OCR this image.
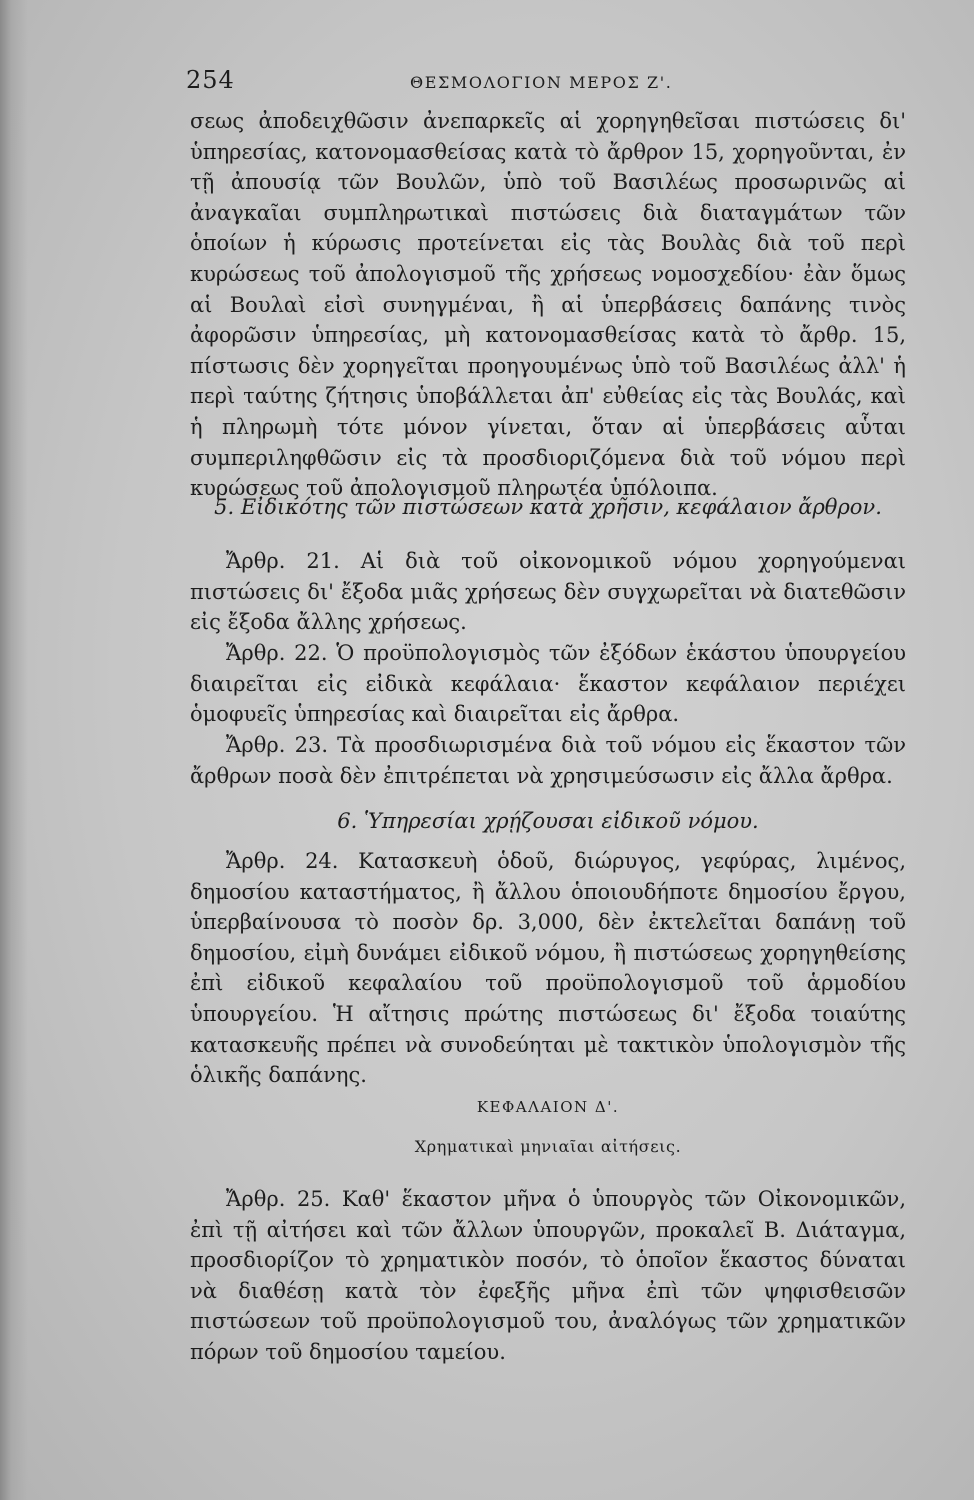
254	ΘΕΣΜΟΛΟΓΙΟΝ ΜΕΡΟΣ Ζ'.

σεως ἀποδειχθῶσιν ἀνεπαρκεῖς αἱ χορηγηθεῖσαι πιστώσεις δι' ὑπηρεσίας, κατονομασθείσας κατὰ τὸ ἄρθρον 15, χορηγοῦνται, ἐν τῇ ἀπουσίᾳ τῶν Βουλῶν, ὑπὸ τοῦ Βασιλέως προσωρινῶς αἱ ἀναγκαῖαι συμπληρωτικαὶ πιστώσεις διὰ διαταγμάτων τῶν ὁποίων ἡ κύρωσις προτείνεται εἰς τὰς Βουλὰς διὰ τοῦ περὶ κυρώσεως τοῦ ἀπολογισμοῦ τῆς χρήσεως νομοσχεδίου· ἐὰν ὅμως αἱ Βουλαὶ εἰσὶ συνηγμέναι, ἢ αἱ ὑπερβάσεις δαπάνης τινὸς ἀφορῶσιν ὑπηρεσίας, μὴ κατονομασθείσας κατὰ τὸ ἄρθρ. 15, πίστωσις δὲν χορηγεῖται προηγουμένως ὑπὸ τοῦ Βασιλέως ἀλλ' ἡ περὶ ταύτης ζήτησις ὑποβάλλεται ἀπ' εὐθείας εἰς τὰς Βουλάς, καὶ ἡ πληρωμὴ τότε μόνον γίνεται, ὅταν αἱ ὑπερβάσεις αὗται συμπεριληφθῶσιν εἰς τὰ προσδιοριζόμενα διὰ τοῦ νόμου περὶ κυρώσεως τοῦ ἀπολογισμοῦ πληρωτέα ὑπόλοιπα.

5. Εἰδικότης τῶν πιστώσεων κατὰ χρῆσιν, κεφάλαιον ἄρθρον.

Ἄρθρ. 21. Αἱ διὰ τοῦ οἰκονομικοῦ νόμου χορηγούμεναι πιστώσεις δι' ἔξοδα μιᾶς χρήσεως δὲν συγχωρεῖται νὰ διατεθῶσιν εἰς ἔξοδα ἄλλης χρήσεως.

Ἄρθρ. 22. Ὁ προϋπολογισμὸς τῶν ἐξόδων ἑκάστου ὑπουργείου διαιρεῖται εἰς εἰδικὰ κεφάλαια· ἕκαστον κεφάλαιον περιέχει ὁμοφυεῖς ὑπηρεσίας καὶ διαιρεῖται εἰς ἄρθρα.

Ἄρθρ. 23. Τὰ προσδιωρισμένα διὰ τοῦ νόμου εἰς ἕκαστον τῶν ἄρθρων ποσὰ δὲν ἐπιτρέπεται νὰ χρησιμεύσωσιν εἰς ἄλλα ἄρθρα.

6. Ὑπηρεσίαι χρῄζουσαι εἰδικοῦ νόμου.

Ἄρθρ. 24. Κατασκευὴ ὁδοῦ, διώρυγος, γεφύρας, λιμένος, δημοσίου καταστήματος, ἢ ἄλλου ὁποιουδήποτε δημοσίου ἔργου, ὑπερβαίνουσα τὸ ποσὸν δρ. 3,000, δὲν ἐκτελεῖται δαπάνῃ τοῦ δημοσίου, εἰμὴ δυνάμει εἰδικοῦ νόμου, ἢ πιστώσεως χορηγηθείσης ἐπὶ εἰδικοῦ κεφαλαίου τοῦ προϋπολογισμοῦ τοῦ ἁρμοδίου ὑπουργείου. Ἡ αἴτησις πρώτης πιστώσεως δι' ἔξοδα τοιαύτης κατασκευῆς πρέπει νὰ συνοδεύηται μὲ τακτικὸν ὑπολογισμὸν τῆς ὁλικῆς δαπάνης.

ΚΕΦΑΛΑΙΟΝ Δ'.

Χρηματικαὶ μηνιαῖαι αἰτήσεις.

Ἄρθρ. 25. Καθ' ἕκαστον μῆνα ὁ ὑπουργὸς τῶν Οἰκονομικῶν, ἐπὶ τῇ αἰτήσει καὶ τῶν ἄλλων ὑπουργῶν, προκαλεῖ Β. Διάταγμα, προσδιορίζον τὸ χρηματικὸν ποσόν, τὸ ὁποῖον ἕκαστος δύναται νὰ διαθέσῃ κατὰ τὸν ἐφεξῆς μῆνα ἐπὶ τῶν ψηφισθεισῶν πιστώσεων τοῦ προϋπολογισμοῦ του, ἀναλόγως τῶν χρηματικῶν πόρων τοῦ δημοσίου ταμείου.
